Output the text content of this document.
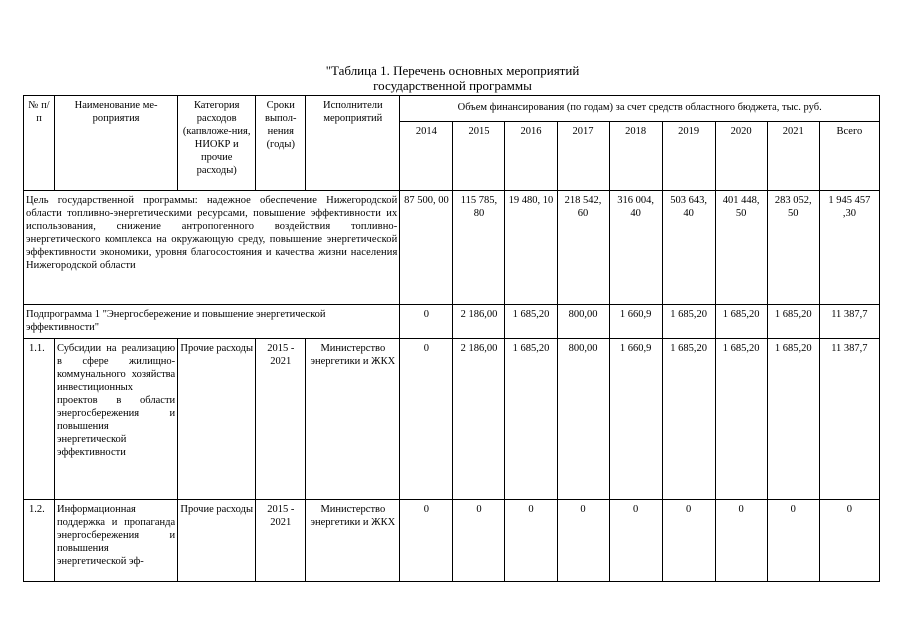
"Таблица 1. Перечень основных мероприятий
государственной программы
№ п/п	Наименование ме-роприятия	Категория расходов (капвложе-ния, НИОКР и прочие расходы)	Сроки выпол-нения (годы)	Исполнители мероприятий	Объем финансирования (по годам) за счет средств областного бюджета, тыс. руб.								
					2014	2015	2016	2017	2018	2019	2020	2021	Всего
Цель государственной программы: надежное обеспечение Нижегородской области топливно-энергетическими ресурсами, повышение эффективности их использования, снижение антропогенного воздействия топливно-энергетического комплекса на окружающую среду, повышение энергетической эффективности экономики, уровня благосостояния и качества жизни населения Нижегородской области					87 500, 00	115 785, 80	19 480, 10	218 542, 60	316 004, 40	503 643, 40	401 448, 50	283 052, 50	1 945 457 ,30
Подпрограмма 1 "Энергосбережение и повышение энергетической эффективности"					0	2 186,00	1 685,20	800,00	1 660,9	1 685,20	1 685,20	1 685,20	11 387,7
1.1.	Субсидии на реализацию в сфере жилищно-коммунального хозяйства инвестиционных проектов в области энергосбережения и повышения энергетической эффективности	Прочие расходы	2015 - 2021	Министерство энергетики и ЖКХ	0	2 186,00	1 685,20	800,00	1 660,9	1 685,20	1 685,20	1 685,20	11 387,7
1.2.	Информационная поддержка и пропаганда энергосбережения и повышения энергетической эф-	Прочие расходы	2015 - 2021	Министерство энергетики и ЖКХ	0	0	0	0	0	0	0	0	0
